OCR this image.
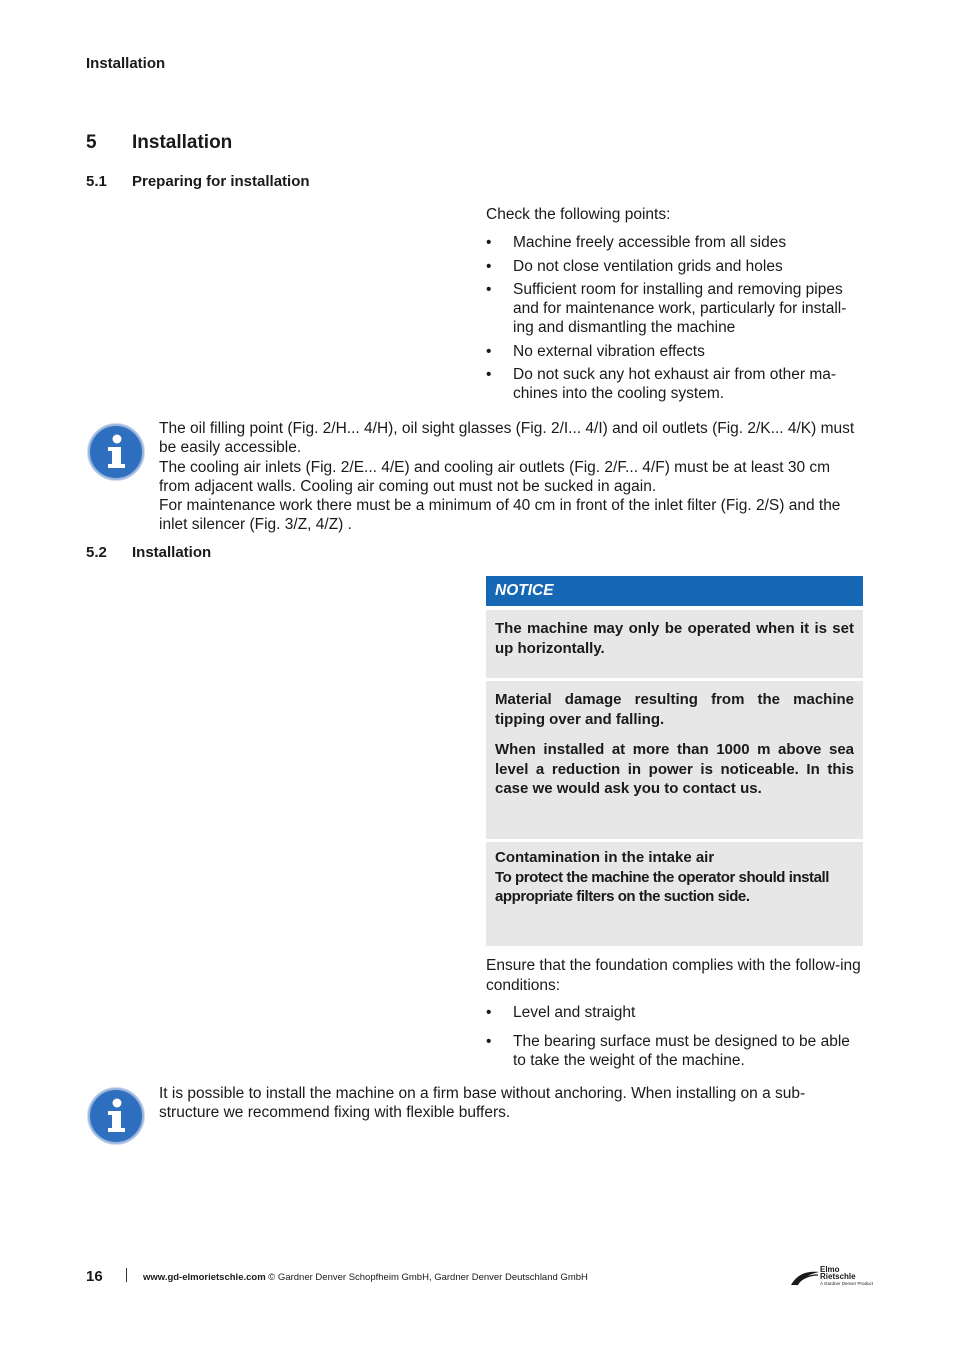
Installation
5 Installation
5.1 Preparing for installation
Check the following points:
• Machine freely accessible from all sides
• Do not close ventilation grids and holes
• Sufficient room for installing and removing pipes and for maintenance work, particularly for install-ing and dismantling the machine
• No external vibration effects
• Do not suck any hot exhaust air from other ma-chines into the cooling system.
The oil filling point (Fig. 2/H... 4/H), oil sight glasses (Fig. 2/I... 4/I) and oil outlets (Fig. 2/K... 4/K) must be easily accessible.
The cooling air inlets (Fig. 2/E... 4/E) and cooling air outlets (Fig. 2/F... 4/F) must be at least 30 cm from adjacent walls. Cooling air coming out must not be sucked in again.
For maintenance work there must be a minimum of 40 cm in front of the inlet filter (Fig. 2/S) and the inlet silencer (Fig. 3/Z, 4/Z) .
5.2 Installation
NOTICE
The machine may only be operated when it is set up horizontally.
Material damage resulting from the machine tipping over and falling.
When installed at more than 1000 m above sea level a reduction in power is noticeable. In this case we would ask you to contact us.
Contamination in the intake air
To protect the machine the operator should install appropriate filters on the suction side.
Ensure that the foundation complies with the follow-ing conditions:
• Level and straight
• The bearing surface must be designed to be able to take the weight of the machine.
It is possible to install the machine on a firm base without anchoring. When installing on a sub-structure we recommend fixing with flexible buffers.
16	www.gd-elmorietschle.com © Gardner Denver Schopfheim GmbH, Gardner Denver Deutschland GmbH
Elmo
Rietschle
A Gardner Denver Product
